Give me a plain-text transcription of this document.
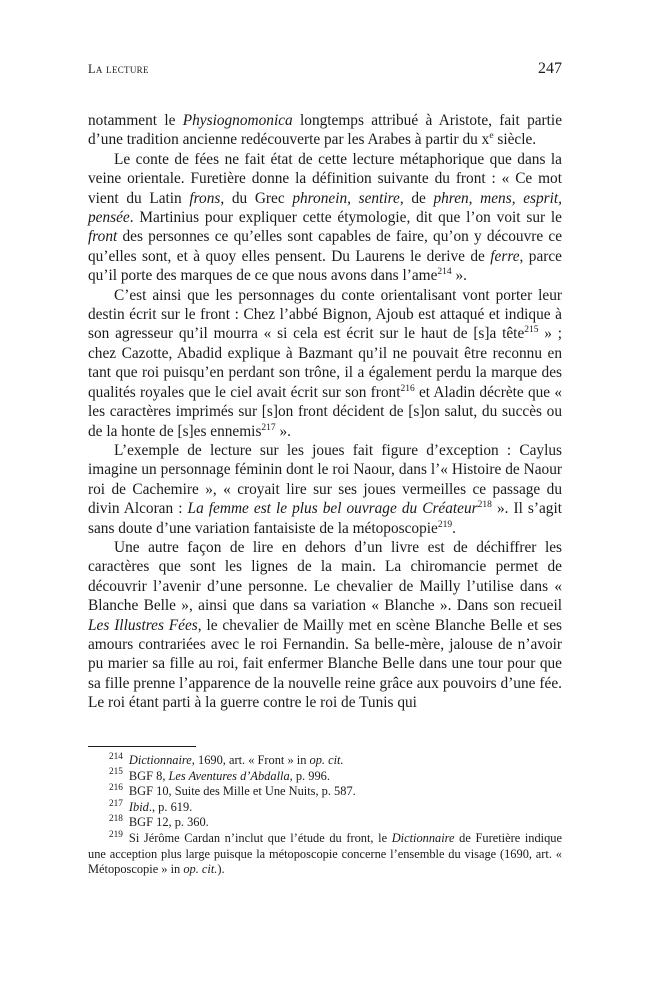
La lecture	247

notamment le Physiognomonica longtemps attribué à Aristote, fait partie d’une tradition ancienne redécouverte par les Arabes à partir du $x^e$ siècle.

Le conte de fées ne fait état de cette lecture métaphorique que dans la veine orientale. Furetière donne la définition suivante du front : « Ce mot vient du Latin frons, du Grec phronein, sentire, de phren, mens, esprit, pensée. Martinius pour expliquer cette étymologie, dit que l’on voit sur le front des personnes ce qu’elles sont capables de faire, qu’on y découvre ce qu’elles sont, et à quoy elles pensent. Du Laurens le derive de ferre, parce qu’il porte des marques de ce que nous avons dans l’ame$^{214}$ ».

C’est ainsi que les personnages du conte orientalisant vont porter leur destin écrit sur le front : Chez l’abbé Bignon, Ajoub est attaqué et indique à son agresseur qu’il mourra « si cela est écrit sur le haut de [s]a tête$^{215}$ » ; chez Cazotte, Abadid explique à Bazmant qu’il ne pouvait être reconnu en tant que roi puisqu’en perdant son trône, il a également perdu la marque des qualités royales que le ciel avait écrit sur son front$^{216}$ et Aladin décrète que « les caractères imprimés sur [s]on front décident de [s]on salut, du succès ou de la honte de [s]es ennemis$^{217}$ ».

L’exemple de lecture sur les joues fait figure d’exception : Caylus imagine un personnage féminin dont le roi Naour, dans l’« Histoire de Naour roi de Cachemire », « croyait lire sur ses joues vermeilles ce passage du divin Alcoran : La femme est le plus bel ouvrage du Créateur$^{218}$ ». Il s’agit sans doute d’une variation fantaisiste de la métoposcopie$^{219}$.

Une autre façon de lire en dehors d’un livre est de déchiffrer les caractères que sont les lignes de la main. La chiromancie permet de découvrir l’avenir d’une personne. Le chevalier de Mailly l’utilise dans « Blanche Belle », ainsi que dans sa variation « Blanche ». Dans son recueil Les Illustres Fées, le chevalier de Mailly met en scène Blanche Belle et ses amours contrariées avec le roi Fernandin. Sa belle-mère, jalouse de n’avoir pu marier sa fille au roi, fait enfermer Blanche Belle dans une tour pour que sa fille prenne l’apparence de la nouvelle reine grâce aux pouvoirs d’une fée. Le roi étant parti à la guerre contre le roi de Tunis qui

$^{214}$ Dictionnaire, 1690, art. « Front » in op. cit.

$^{215}$ BGF 8, Les Aventures d’Abdalla, p. 996.

$^{216}$ BGF 10, Suite des Mille et Une Nuits, p. 587.

$^{217}$ Ibid., p. 619.

$^{218}$ BGF 12, p. 360.

$^{219}$ Si Jérôme Cardan n’inclut que l’étude du front, le Dictionnaire de Furetière indique une acception plus large puisque la métoposcopie concerne l’ensemble du visage (1690, art. « Métoposcopie » in op. cit.).
